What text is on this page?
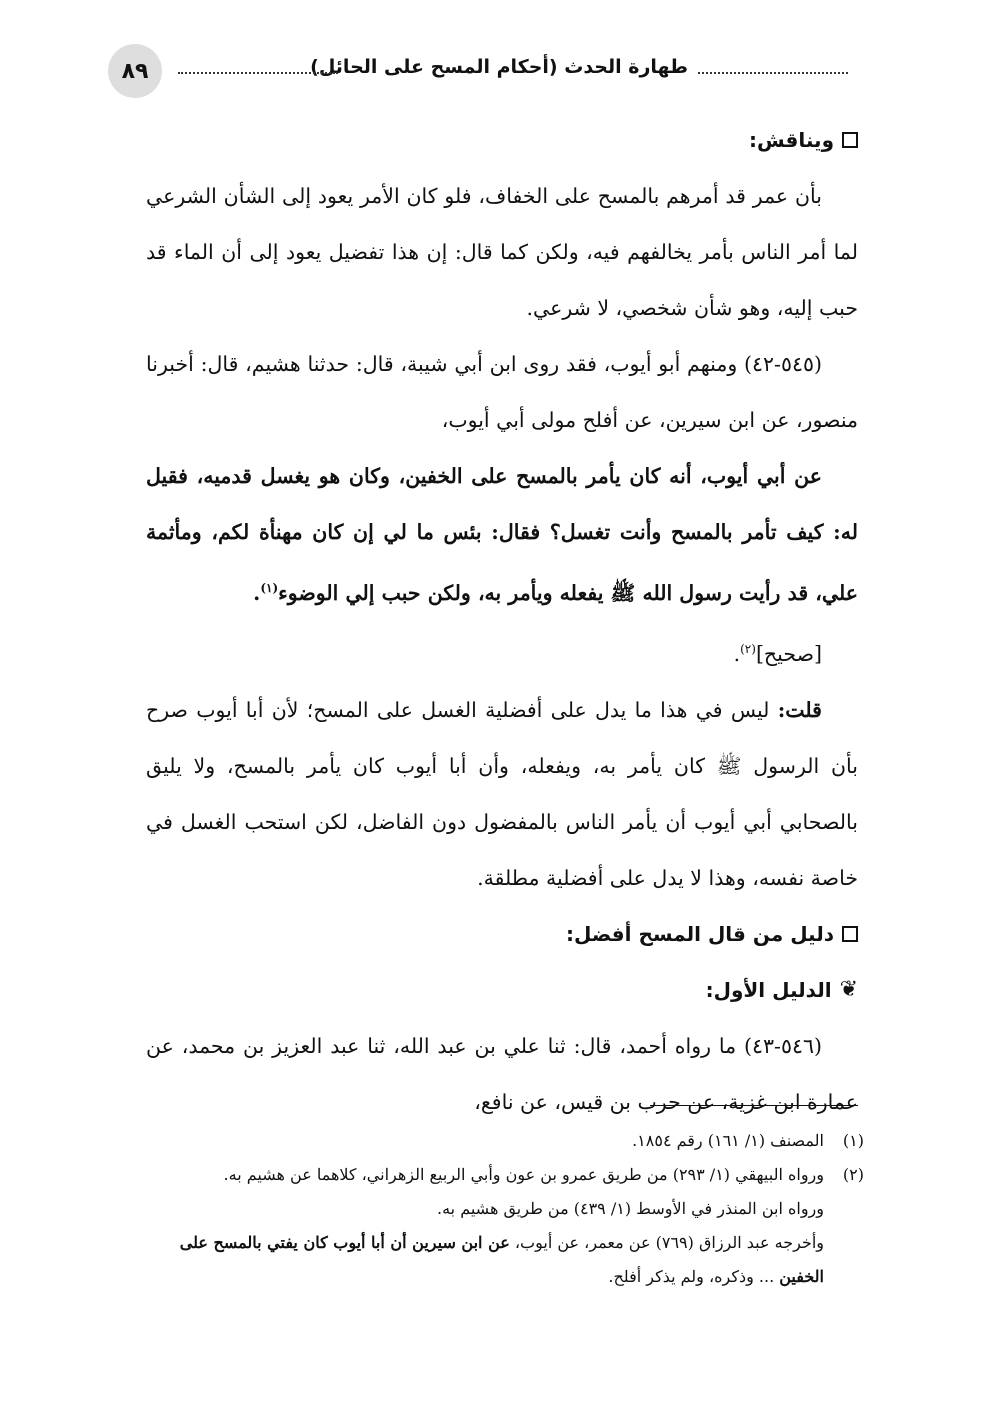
طهارة الحدث (أحكام المسح على الحائل)
٨٩

ويناقش:

بأن عمر قد أمرهم بالمسح على الخفاف، فلو كان الأمر يعود إلى الشأن الشرعي لما أمر الناس بأمر يخالفهم فيه، ولكن كما قال: إن هذا تفضيل يعود إلى أن الماء قد حبب إليه، وهو شأن شخصي، لا شرعي.

(٥٤٥-٤٢) ومنهم أبو أيوب، فقد روى ابن أبي شيبة، قال: حدثنا هشيم، قال: أخبرنا منصور، عن ابن سيرين، عن أفلح مولى أبي أيوب،

عن أبي أيوب، أنه كان يأمر بالمسح على الخفين، وكان هو يغسل قدميه، فقيل له: كيف تأمر بالمسح وأنت تغسل؟ فقال: بئس ما لي إن كان مهنأة لكم، ومأثمة علي، قد رأيت رسول الله ﷺ يفعله ويأمر به، ولكن حبب إلي الوضوء$^{(١)}$.

[صحيح]$^{(٢)}$.

قلت: ليس في هذا ما يدل على أفضلية الغسل على المسح؛ لأن أبا أيوب صرح بأن الرسول ﷺ كان يأمر به، ويفعله، وأن أبا أيوب كان يأمر بالمسح، ولا يليق بالصحابي أبي أيوب أن يأمر الناس بالمفضول دون الفاضل، لكن استحب الغسل في خاصة نفسه، وهذا لا يدل على أفضلية مطلقة.

دليل من قال المسح أفضل:

❦
الدليل الأول:

(٥٤٦-٤٣) ما رواه أحمد، قال: ثنا علي بن عبد الله، ثنا عبد العزيز بن محمد، عن عمارة ابن غزية، عن حرب بن قيس، عن نافع،

(١)

المصنف (١/ ١٦١) رقم ١٨٥٤.

(٢)

ورواه البيهقي (١/ ٢٩٣) من طريق عمرو بن عون وأبي الربيع الزهراني، كلاهما عن هشيم به.

ورواه ابن المنذر في الأوسط (١/ ٤٣٩) من طريق هشيم به.

وأخرجه عبد الرزاق (٧٦٩) عن معمر، عن أيوب، عن ابن سيرين أن أبا أيوب كان يفتي بالمسح على الخفين ... وذكره، ولم يذكر أفلح.
